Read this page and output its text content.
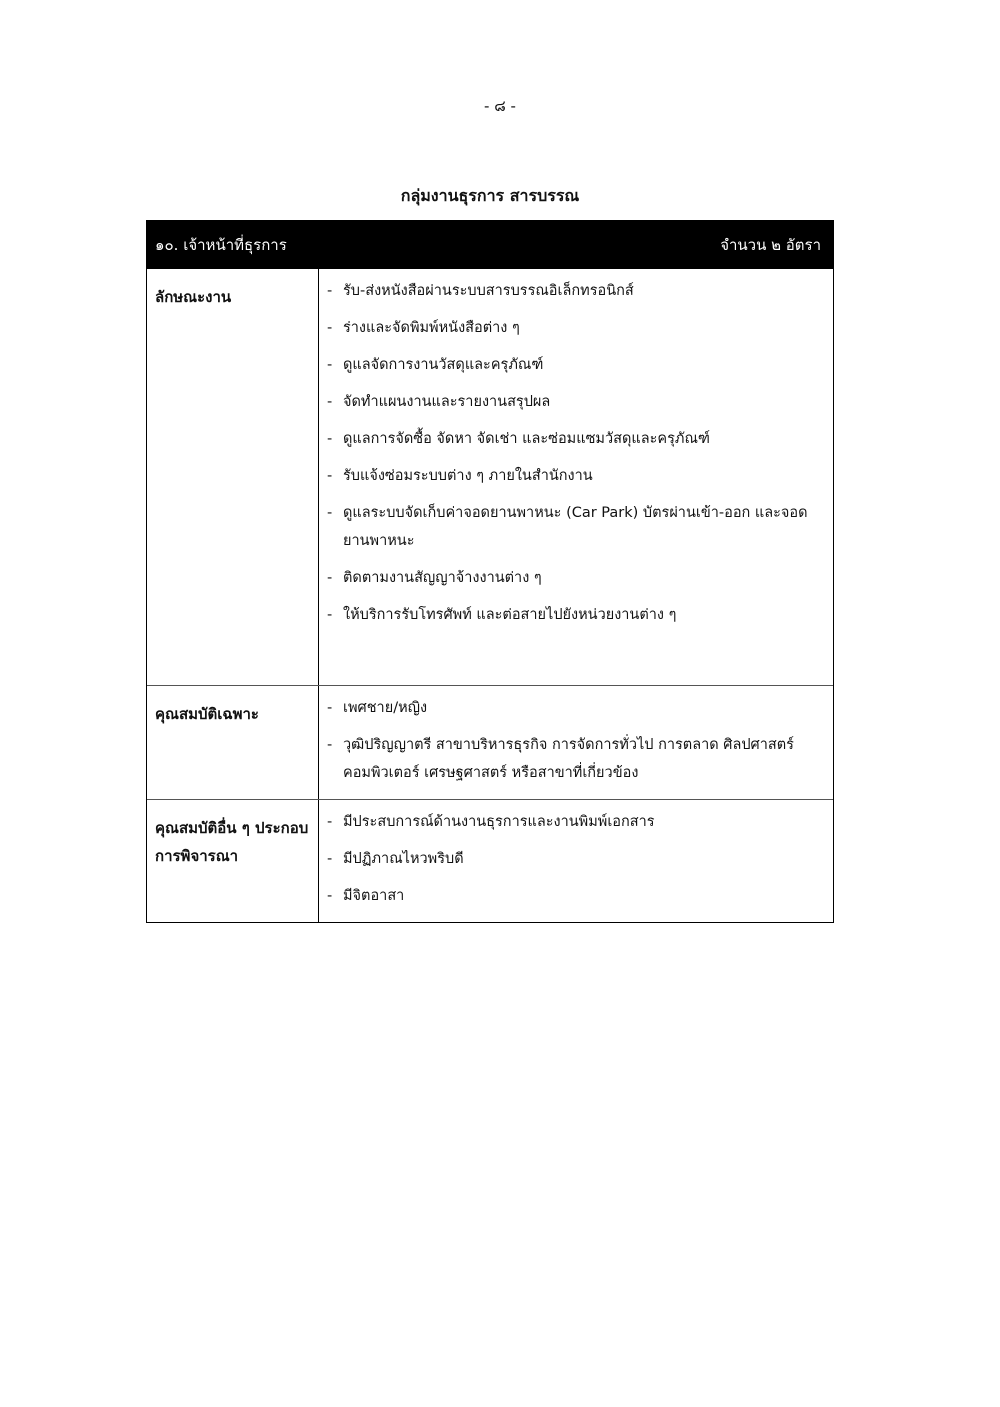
- ๘ -
กลุ่มงานธุรการ สารบรรณ
๑๐. เจ้าหน้าที่ธุรการ	จำนวน ๒ อัตรา
ลักษณะงาน	- รับ-ส่งหนังสือผ่านระบบสารบรรณอิเล็กทรอนิกส์
- ร่างและจัดพิมพ์หนังสือต่าง ๆ
- ดูแลจัดการงานวัสดุและครุภัณฑ์
- จัดทำแผนงานและรายงานสรุปผล
- ดูแลการจัดซื้อ จัดหา จัดเช่า และซ่อมแซมวัสดุและครุภัณฑ์
- รับแจ้งซ่อมระบบต่าง ๆ ภายในสำนักงาน
- ดูแลระบบจัดเก็บค่าจอดยานพาหนะ (Car Park) บัตรผ่านเข้า-ออก และจอดยานพาหนะ
- ติดตามงานสัญญาจ้างงานต่าง ๆ
- ให้บริการรับโทรศัพท์ และต่อสายไปยังหน่วยงานต่าง ๆ
คุณสมบัติเฉพาะ	- เพศชาย/หญิง
- วุฒิปริญญาตรี สาขาบริหารธุรกิจ การจัดการทั่วไป การตลาด ศิลปศาสตร์ คอมพิวเตอร์ เศรษฐศาสตร์ หรือสาขาที่เกี่ยวข้อง
คุณสมบัติอื่น ๆ ประกอบการพิจารณา
- มีประสบการณ์ด้านงานธุรการและงานพิมพ์เอกสาร
- มีปฏิภาณไหวพริบดี
- มีจิตอาสา
